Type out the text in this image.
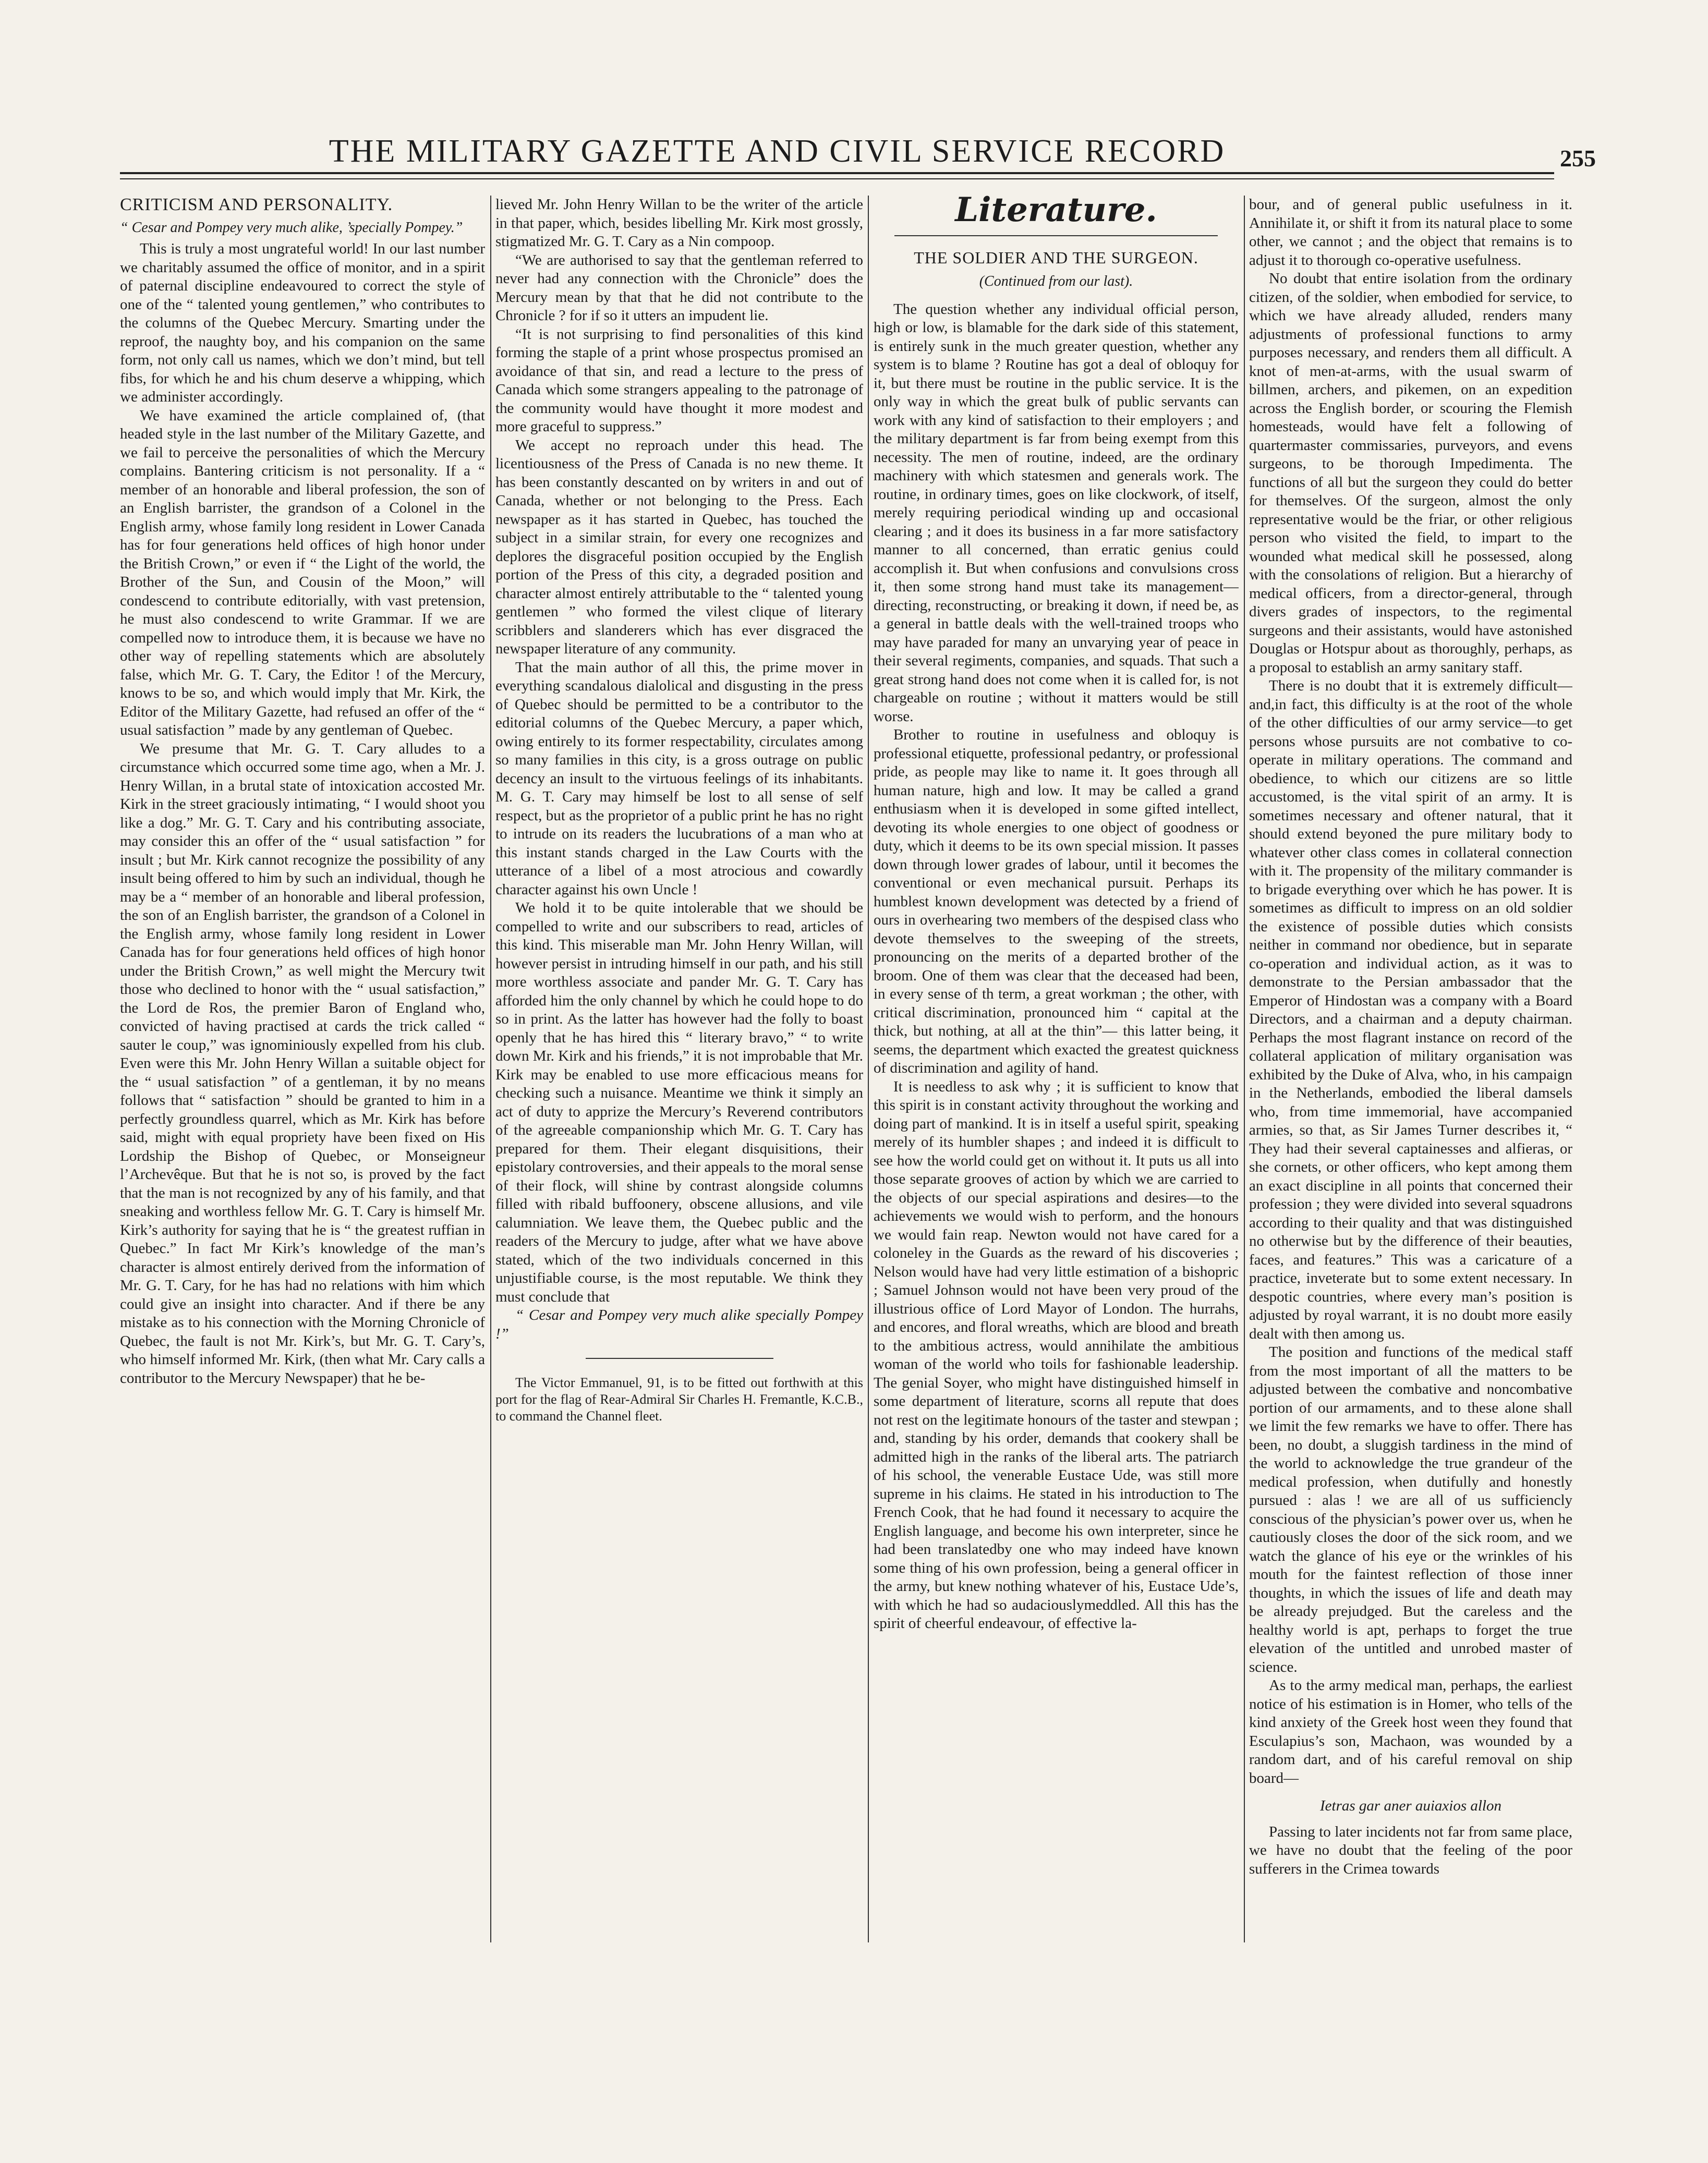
THE MILITARY GAZETTE AND CIVIL SERVICE RECORD	255
CRITICISM AND PERSONALITY.

“ Cesar and Pompey very much alike, ’specially Pompey.”

This is truly a most ungrateful world! In our last number we charitably assumed the office of monitor, and in a spirit of paternal discipline endeavoured to correct the style of one of the “ talented young gentlemen,” who contributes to the columns of the Quebec Mercury. Smarting under the reproof, the naughty boy, and his companion on the same form, not only call us names, which we don’t mind, but tell fibs, for which he and his chum deserve a whipping, which we administer accordingly.

We have examined the article complained of, (that headed style in the last number of the Military Gazette, and we fail to perceive the personalities of which the Mercury complains. Bantering criticism is not personality. If a “ member of an honorable and liberal profession, the son of an English barrister, the grandson of a Colonel in the English army, whose family long resident in Lower Canada has for four generations held offices of high honor under the British Crown,” or even if “ the Light of the world, the Brother of the Sun, and Cousin of the Moon,” will condescend to contribute editorially, with vast pretension, he must also condescend to write Grammar. If we are compelled now to introduce them, it is because we have no other way of repelling statements which are absolutely false, which Mr. G. T. Cary, the Editor ! of the Mercury, knows to be so, and which would imply that Mr. Kirk, the Editor of the Military Gazette, had refused an offer of the “ usual satisfaction ” made by any gentleman of Quebec.

We presume that Mr. G. T. Cary alludes to a circumstance which occurred some time ago, when a Mr. J. Henry Willan, in a brutal state of intoxication accosted Mr. Kirk in the street graciously intimating, “ I would shoot you like a dog.” Mr. G. T. Cary and his contributing associate, may consider this an offer of the “ usual satisfaction ” for insult ; but Mr. Kirk cannot recognize the possibility of any insult being offered to him by such an individual, though he may be a “ member of an honorable and liberal profession, the son of an English barrister, the grandson of a Colonel in the English army, whose family long resident in Lower Canada has for four generations held offices of high honor under the British Crown,” as well might the Mercury twit those who declined to honor with the “ usual satisfaction,” the Lord de Ros, the premier Baron of England who, convicted of having practised at cards the trick called “ sauter le coup,” was ignominiously expelled from his club. Even were this Mr. John Henry Willan a suitable object for the “ usual satisfaction ” of a gentleman, it by no means follows that “ satisfaction ” should be granted to him in a perfectly groundless quarrel, which as Mr. Kirk has before said, might with equal propriety have been fixed on His Lordship the Bishop of Quebec, or Monseigneur l’Archevêque. But that he is not so, is proved by the fact that the man is not recognized by any of his family, and that sneaking and worthless fellow Mr. G. T. Cary is himself Mr. Kirk’s authority for saying that he is “ the greatest ruffian in Quebec.” In fact Mr Kirk’s knowledge of the man’s character is almost entirely derived from the information of Mr. G. T. Cary, for he has had no relations with him which could give an insight into character. And if there be any mistake as to his connection with the Morning Chronicle of Quebec, the fault is not Mr. Kirk’s, but Mr. G. T. Cary’s, who himself informed Mr. Kirk, (then what Mr. Cary calls a contributor to the Mercury Newspaper) that he be-

lieved Mr. John Henry Willan to be the writer of the article in that paper, which, besides libelling Mr. Kirk most grossly, stigmatized Mr. G. T. Cary as a Nin compoop.

“We are authorised to say that the gentleman referred to never had any connection with the Chronicle” does the Mercury mean by that that he did not contribute to the Chronicle ? for if so it utters an impudent lie.

“It is not surprising to find personalities of this kind forming the staple of a print whose prospectus promised an avoidance of that sin, and read a lecture to the press of Canada which some strangers appealing to the patronage of the community would have thought it more modest and more graceful to suppress.”

We accept no reproach under this head. The licentiousness of the Press of Canada is no new theme. It has been constantly descanted on by writers in and out of Canada, whether or not belonging to the Press. Each newspaper as it has started in Quebec, has touched the subject in a similar strain, for every one recognizes and deplores the disgraceful position occupied by the English portion of the Press of this city, a degraded position and character almost entirely attributable to the “ talented young gentlemen ” who formed the vilest clique of literary scribblers and slanderers which has ever disgraced the newspaper literature of any community.

That the main author of all this, the prime mover in everything scandalous dialolical and disgusting in the press of Quebec should be permitted to be a contributor to the editorial columns of the Quebec Mercury, a paper which, owing entirely to its former respectability, circulates among so many families in this city, is a gross outrage on public decency an insult to the virtuous feelings of its inhabitants. M. G. T. Cary may himself be lost to all sense of self respect, but as the proprietor of a public print he has no right to intrude on its readers the lucubrations of a man who at this instant stands charged in the Law Courts with the utterance of a libel of a most atrocious and cowardly character against his own Uncle !

We hold it to be quite intolerable that we should be compelled to write and our subscribers to read, articles of this kind. This miserable man Mr. John Henry Willan, will however persist in intruding himself in our path, and his still more worthless associate and pander Mr. G. T. Cary has afforded him the only channel by which he could hope to do so in print. As the latter has however had the folly to boast openly that he has hired this “ literary bravo,” “ to write down Mr. Kirk and his friends,” it is not improbable that Mr. Kirk may be enabled to use more efficacious means for checking such a nuisance. Meantime we think it simply an act of duty to apprize the Mercury’s Reverend contributors of the agreeable companionship which Mr. G. T. Cary has prepared for them. Their elegant disquisitions, their epistolary controversies, and their appeals to the moral sense of their flock, will shine by contrast alongside columns filled with ribald buffoonery, obscene allusions, and vile calumniation. We leave them, the Quebec public and the readers of the Mercury to judge, after what we have above stated, which of the two individuals concerned in this unjustifiable course, is the most reputable. We think they must conclude that

“ Cesar and Pompey very much alike specially Pompey !”

The Victor Emmanuel, 91, is to be fitted out forthwith at this port for the flag of Rear-Admiral Sir Charles H. Fremantle, K.C.B., to command the Channel fleet.

Literature.
THE SOLDIER AND THE SURGEON.
(Continued from our last).

The question whether any individual official person, high or low, is blamable for the dark side of this statement, is entirely sunk in the much greater question, whether any system is to blame ? Routine has got a deal of obloquy for it, but there must be routine in the public service. It is the only way in which the great bulk of public servants can work with any kind of satisfaction to their employers ; and the military department is far from being exempt from this necessity. The men of routine, indeed, are the ordinary machinery with which statesmen and generals work. The routine, in ordinary times, goes on like clockwork, of itself, merely requiring periodical winding up and occasional clearing ; and it does its business in a far more satisfactory manner to all concerned, than erratic genius could accomplish it. But when confusions and convulsions cross it, then some strong hand must take its management—directing, reconstructing, or breaking it down, if need be, as a general in battle deals with the well-trained troops who may have paraded for many an unvarying year of peace in their several regiments, companies, and squads. That such a great strong hand does not come when it is called for, is not chargeable on routine ; without it matters would be still worse.

Brother to routine in usefulness and obloquy is professional etiquette, professional pedantry, or professional pride, as people may like to name it. It goes through all human nature, high and low. It may be called a grand enthusiasm when it is developed in some gifted intellect, devoting its whole energies to one object of goodness or duty, which it deems to be its own special mission. It passes down through lower grades of labour, until it becomes the conventional or even mechanical pursuit. Perhaps its humblest known development was detected by a friend of ours in overhearing two members of the despised class who devote themselves to the sweeping of the streets, pronouncing on the merits of a departed brother of the broom. One of them was clear that the deceased had been, in every sense of th term, a great workman ; the other, with critical discrimination, pronounced him “ capital at the thick, but nothing, at all at the thin”— this latter being, it seems, the department which exacted the greatest quickness of discrimination and agility of hand.

It is needless to ask why ; it is sufficient to know that this spirit is in constant activity throughout the working and doing part of mankind. It is in itself a useful spirit, speaking merely of its humbler shapes ; and indeed it is difficult to see how the world could get on without it. It puts us all into those separate grooves of action by which we are carried to the objects of our special aspirations and desires—to the achievements we would wish to perform, and the honours we would fain reap. Newton would not have cared for a coloneley in the Guards as the reward of his discoveries ; Nelson would have had very little estimation of a bishopric ; Samuel Johnson would not have been very proud of the illustrious office of Lord Mayor of London. The hurrahs, and encores, and floral wreaths, which are blood and breath to the ambitious actress, would annihilate the ambitious woman of the world who toils for fashionable leadership. The genial Soyer, who might have distinguished himself in some department of literature, scorns all repute that does not rest on the legitimate honours of the taster and stewpan ; and, standing by his order, demands that cookery shall be admitted high in the ranks of the liberal arts. The patriarch of his school, the venerable Eustace Ude, was still more supreme in his claims. He stated in his introduction to The French Cook, that he had found it necessary to acquire the English language, and become his own interpreter, since he had been translatedby one who may indeed have known some thing of his own profession, being a general officer in the army, but knew nothing whatever of his, Eustace Ude’s, with which he had so audaciouslymeddled. All this has the spirit of cheerful endeavour, of effective la-

bour, and of general public usefulness in it. Annihilate it, or shift it from its natural place to some other, we cannot ; and the object that remains is to adjust it to thorough co-operative usefulness.

No doubt that entire isolation from the ordinary citizen, of the soldier, when embodied for service, to which we have already alluded, renders many adjustments of professional functions to army purposes necessary, and renders them all difficult. A knot of men-at-arms, with the usual swarm of billmen, archers, and pikemen, on an expedition across the English border, or scouring the Flemish homesteads, would have felt a following of quartermaster commissaries, purveyors, and evens surgeons, to be thorough Impedimenta. The functions of all but the surgeon they could do better for themselves. Of the surgeon, almost the only representative would be the friar, or other religious person who visited the field, to impart to the wounded what medical skill he possessed, along with the consolations of religion. But a hierarchy of medical officers, from a director-general, through divers grades of inspectors, to the regimental surgeons and their assistants, would have astonished Douglas or Hotspur about as thoroughly, perhaps, as a proposal to establish an army sanitary staff.

There is no doubt that it is extremely difficult—and,in fact, this difficulty is at the root of the whole of the other difficulties of our army service—to get persons whose pursuits are not combative to co-operate in military operations. The command and obedience, to which our citizens are so little accustomed, is the vital spirit of an army. It is sometimes necessary and oftener natural, that it should extend beyoned the pure military body to whatever other class comes in collateral connection with it. The propensity of the military commander is to brigade everything over which he has power. It is sometimes as difficult to impress on an old soldier the existence of possible duties which consists neither in command nor obedience, but in separate co-operation and individual action, as it was to demonstrate to the Persian ambassador that the Emperor of Hindostan was a company with a Board Directors, and a chairman and a deputy chairman. Perhaps the most flagrant instance on record of the collateral application of military organisation was exhibited by the Duke of Alva, who, in his campaign in the Netherlands, embodied the liberal damsels who, from time immemorial, have accompanied armies, so that, as Sir James Turner describes it, “ They had their several captainesses and alfieras, or she cornets, or other officers, who kept among them an exact discipline in all points that concerned their profession ; they were divided into several squadrons according to their quality and that was distinguished no otherwise but by the difference of their beauties, faces, and features.” This was a caricature of a practice, inveterate but to some extent necessary. In despotic countries, where every man’s position is adjusted by royal warrant, it is no doubt more easily dealt with then among us.

The position and functions of the medical staff from the most important of all the matters to be adjusted between the combative and noncombative portion of our armaments, and to these alone shall we limit the few remarks we have to offer. There has been, no doubt, a sluggish tardiness in the mind of the world to acknowledge the true grandeur of the medical profession, when dutifully and honestly pursued : alas ! we are all of us sufficiencly conscious of the physician’s power over us, when he cautiously closes the door of the sick room, and we watch the glance of his eye or the wrinkles of his mouth for the faintest reflection of those inner thoughts, in which the issues of life and death may be already prejudged. But the careless and the healthy world is apt, perhaps to forget the true elevation of the untitled and unrobed master of science.

As to the army medical man, perhaps, the earliest notice of his estimation is in Homer, who tells of the kind anxiety of the Greek host ween they found that Esculapius’s son, Machaon, was wounded by a random dart, and of his careful removal on ship board—

Ietras gar aner auiaxios allon

Passing to later incidents not far from same place, we have no doubt that the feeling of the poor sufferers in the Crimea towards
